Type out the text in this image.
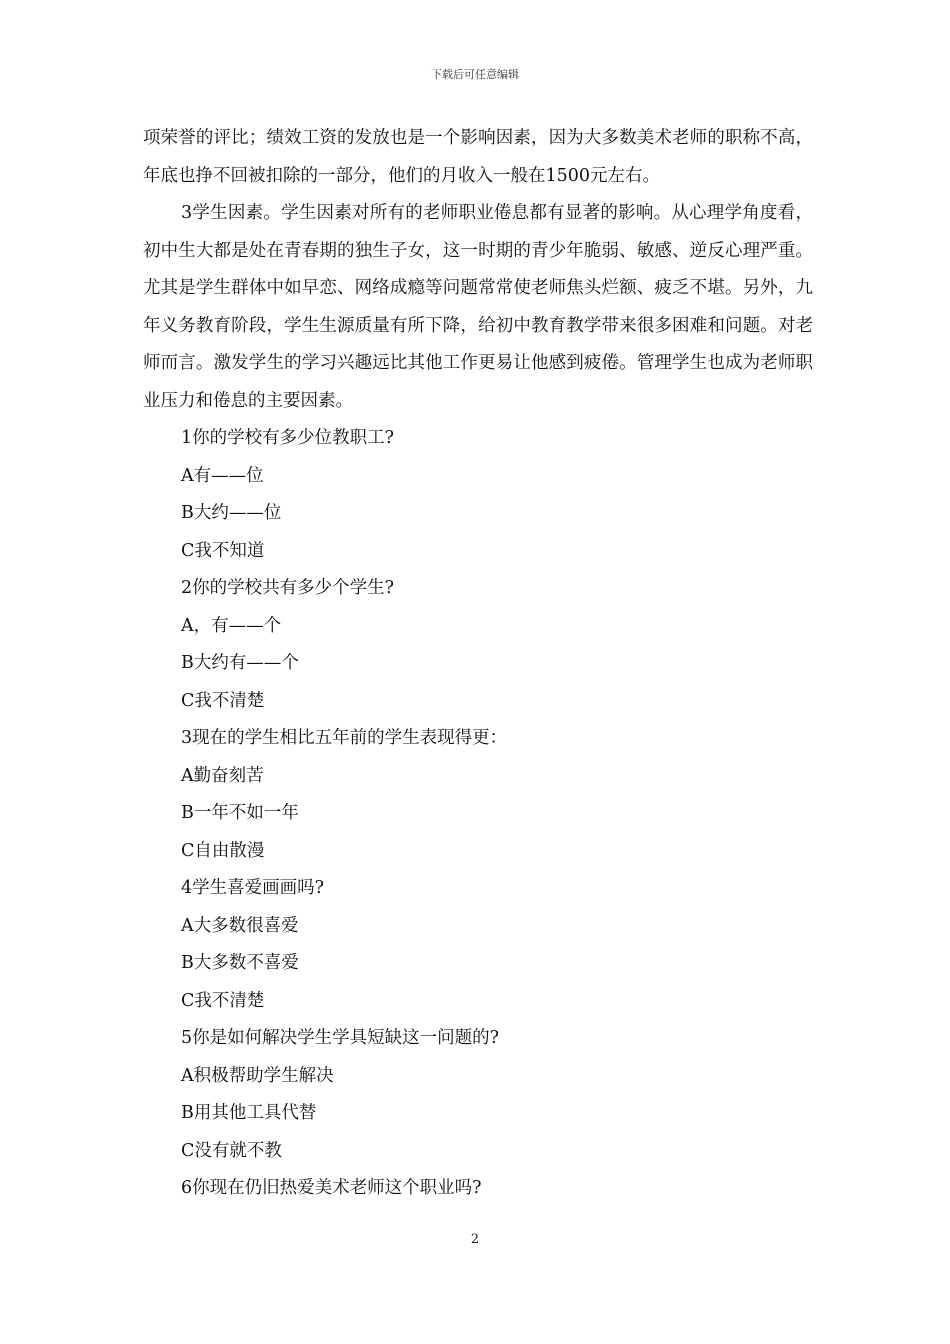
下载后可任意编辑

项荣誉的评比；绩效工资的发放也是一个影响因素，因为大多数美术老师的职称不高，年底也挣不回被扣除的一部分，他们的月收入一般在1500元左右。

3学生因素。学生因素对所有的老师职业倦息都有显著的影响。从心理学角度看，初中生大都是处在青春期的独生子女，这一时期的青少年脆弱、敏感、逆反心理严重。尤其是学生群体中如早恋、网络成瘾等问题常常使老师焦头烂额、疲乏不堪。另外，九年义务教育阶段，学生生源质量有所下降，给初中教育教学带来很多困难和问题。对老师而言。激发学生的学习兴趣远比其他工作更易让他感到疲倦。管理学生也成为老师职业压力和倦息的主要因素。

1你的学校有多少位教职工?

A有——位

B大约——位

C我不知道

2你的学校共有多少个学生?

A，有——个

B大约有——个

C我不清楚

3现在的学生相比五年前的学生表现得更：

A勤奋刻苦

B一年不如一年

C自由散漫

4学生喜爱画画吗?

A大多数很喜爱

B大多数不喜爱

C我不清楚

5你是如何解决学生学具短缺这一问题的?

A积极帮助学生解决

B用其他工具代替

C没有就不教

6你现在仍旧热爱美术老师这个职业吗?

2
